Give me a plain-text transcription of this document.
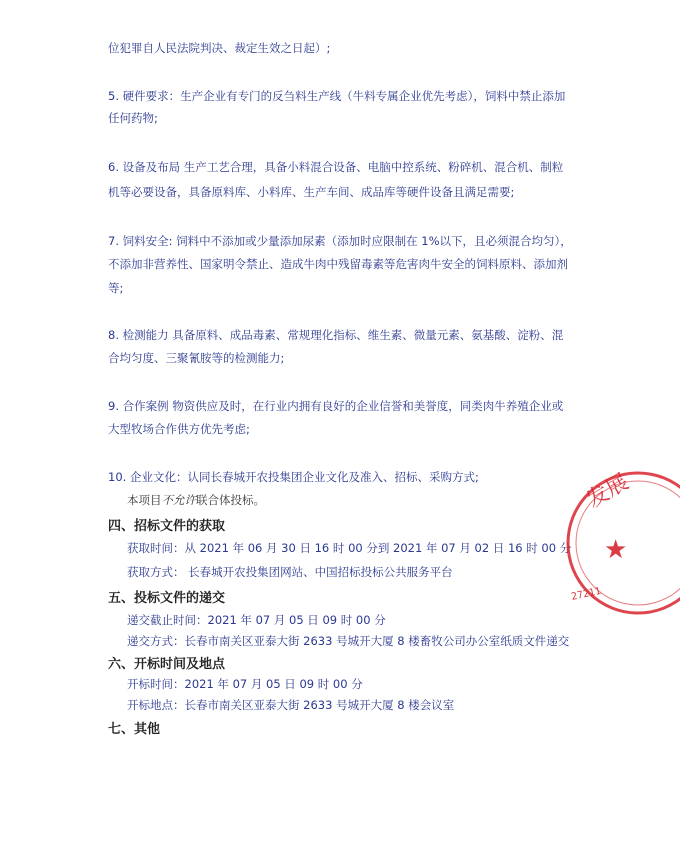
位犯罪自人民法院判决、裁定生效之日起）;
5. 硬件要求：生产企业有专门的反刍料生产线（牛料专属企业优先考虑），饲料中禁止添加
任何药物;
6. 设备及布局 生产工艺合理，具备小料混合设备、电脑中控系统、粉碎机、混合机、制粒
机等必要设备，具备原料库、小料库、生产车间、成品库等硬件设备且满足需要;
7. 饲料安全: 饲料中不添加或少量添加尿素（添加时应限制在 1%以下，且必须混合均匀），
不添加非营养性、国家明令禁止、造成牛肉中残留毒素等危害肉牛安全的饲料原料、添加剂
等;
8. 检测能力 具备原料、成品毒素、常规理化指标、维生素、微量元素、氨基酸、淀粉、混
合均匀度、三聚氰胺等的检测能力;
9. 合作案例 物资供应及时，在行业内拥有良好的企业信誉和美誉度，同类肉牛养殖企业或
大型牧场合作供方优先考虑;
10. 企业文化：认同长春城开农投集团企业文化及准入、招标、采购方式;
本项目不允许联合体投标。
四、招标文件的获取
获取时间：从 2021 年 06 月 30 日 16 时 00 分到 2021 年 07 月 02 日 16 时 00 分
获取方式： 长春城开农投集团网站、中国招标投标公共服务平台
五、投标文件的递交
递交截止时间：2021 年 07 月 05 日 09 时 00 分
递交方式：长春市南关区亚泰大街 2633 号城开大厦 8 楼畜牧公司办公室纸质文件递交
六、开标时间及地点
开标时间：2021 年 07 月 05 日 09 时 00 分
开标地点：长春市南关区亚泰大街 2633 号城开大厦 8 楼会议室
七、其他
发展
★
27211
